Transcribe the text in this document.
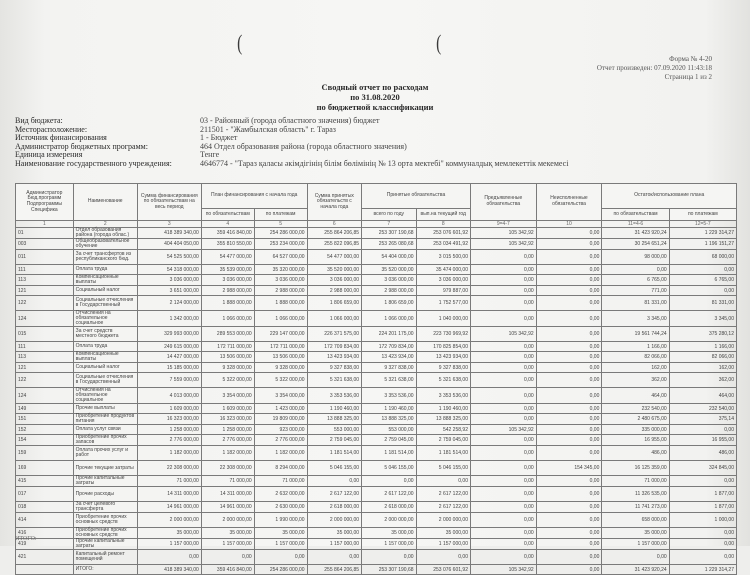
(	(
Форма № 4-20
Отчет произведен: 07.09.2020 11:43:18
Страница 1 из 2
Сводный отчет по расходам
по 31.08.2020
по бюджетной классификации
Вид бюджета:	03 - Районный (города областного значения) бюджет
Месторасположение:	211501 - "Жамбылская область" г. Тараз
Источник финансирования	1 - Бюджет
Администратор бюджетных программ:	464 Отдел образования района (города областного значения)
Единица измерения	Тенге
Наименование государственного учреждения:	4646774 - "Тараз қаласы әкімдігінің білім бөлімінің № 13 орта мектебі" коммуналдық мемлекеттік мекемесі
Администратор Бюд.программ Подпрограммы Специфика	Наименование	Сумма финансирования по обязательствам на весь период	План финансирования с начала года		Сумма принятых обязательств с начала года	Принятые обязательства		Предъявленные обязательства	Неисполненные обязательства	Остаток/использование плана	
			по обязательствам	по платежам		всего по году	вып.на текущий год			по обязательствам	по платежам
1	2	3	4	5	6	7	8	9=4-7	10	11=4-6	12=5-7
01	Отдел образования района (города облас.)	418 389 340,00	359 416 840,00	254 286 000,00	255 864 206,85	253 307 190,68	253 076 601,92	105 342,92	0,00	31 423 920,24	1 229 314,27
003	Общеобразовательное обучение	404 404 050,00	355 810 550,00	253 234 000,00	255 822 096,85	253 265 080,68	253 034 491,92	105 342,92	0,00	30 254 651,24	1 196 151,27
011	За счет трансфертов из республиканского бюд.	54 525 500,00	54 477 000,00	64 527 000,00	54 477 000,00	54 404 000,00	3 015 500,00	0,00	0,00	98 000,00	68 000,00
111	Оплата труда	54 318 000,00	35 539 000,00	35 320 000,00	35 520 000,00	35 520 000,00	35 474 000,00	0,00	0,00	0,00	0,00
113	Компенсационные выплаты	3 036 000,00	3 036 000,00	3 036 000,00	3 036 000,00	3 036 000,00	3 036 000,00	0,00	0,00	6 765,00	6 765,00
121	Социальный налог	3 651 000,00	2 988 000,00	2 988 000,00	2 988 000,00	2 988 000,00	979 887,00	0,00	0,00	771,00	0,00
122	Социальные отчисления в Государственный	2 124 000,00	1 888 000,00	1 888 000,00	1 806 659,00	1 806 659,00	1 752 577,00	0,00	0,00	81 331,00	81 331,00
124	Отчисления на обязательное социальное	1 342 000,00	1 066 000,00	1 066 000,00	1 066 000,00	1 066 000,00	1 040 000,00	0,00	0,00	3 345,00	3 345,00
015	За счет средств местного бюджета	329 993 000,00	289 553 000,00	229 147 000,00	226 371 575,00	224 201 175,00	223 730 969,92	105 342,92	0,00	19 561 744,24	375 280,12
111	Оплата труда	249 615 000,00	172 711 000,00	172 711 000,00	172 709 834,00	172 709 834,00	170 825 854,00	0,00	0,00	1 166,00	1 166,00
113	Компенсационные выплаты	14 427 000,00	13 506 000,00	13 506 000,00	13 423 934,00	13 423 934,00	13 423 934,00	0,00	0,00	82 066,00	82 066,00
121	Социальный налог	15 185 000,00	9 328 000,00	9 328 000,00	9 327 838,00	9 327 838,00	9 327 838,00	0,00	0,00	162,00	162,00
122	Социальные отчисления в Государственный	7 559 000,00	5 322 000,00	5 322 000,00	5 321 638,00	5 321 638,00	5 321 638,00	0,00	0,00	362,00	362,00
124	Отчисления на обязательное социальное	4 013 000,00	3 354 000,00	3 354 000,00	3 353 536,00	3 353 536,00	3 353 536,00	0,00	0,00	464,00	464,00
149	Прочие выплаты	1 609 000,00	1 609 000,00	1 423 000,00	1 190 460,00	1 190 460,00	1 190 460,00	0,00	0,00	232 540,00	232 540,00
151	Приобретение продуктов питания	16 323 000,00	16 323 000,00	19 809 000,00	13 888 325,00	13 888 325,00	13 888 325,00	0,00	0,00	2 480 675,00	375,14
152	Оплата услуг связи	1 258 000,00	1 258 000,00	923 000,00	553 000,00	553 000,00	542 258,92	105 342,92	0,00	335 000,00	0,00
154	Приобретение прочих запасов	2 776 000,00	2 776 000,00	2 776 000,00	2 759 045,00	2 759 045,00	2 759 045,00	0,00	0,00	16 955,00	16 955,00
159	Оплата прочих услуг и работ	1 182 000,00	1 182 000,00	1 182 000,00	1 181 514,00	1 181 514,00	1 181 514,00	0,00	0,00	486,00	486,00
169	Прочие текущие затраты	22 308 000,00	22 308 000,00	8 294 000,00	5 046 155,00	5 046 155,00	5 046 155,00	0,00	154 345,00	16 125 359,00	324 845,00
415	Прочие капитальные затраты	71 000,00	71 000,00	71 000,00	0,00	0,00	0,00	0,00	0,00	71 000,00	0,00
017	Прочие расходы	14 311 000,00	14 311 000,00	2 632 000,00	2 617 122,00	2 617 122,00	2 617 122,00	0,00	0,00	11 326 535,00	1 877,00
018	За счет целевого трансферта	14 961 000,00	14 961 000,00	2 630 000,00	2 618 000,00	2 618 000,00	2 617 122,00	0,00	0,00	11 741 273,00	1 877,00
414	Приобретение прочих основных средств	2 000 000,00	2 000 000,00	1 990 000,00	2 000 000,00	2 000 000,00	2 000 000,00	0,00	0,00	658 000,00	1 000,00
416	Приобретение прочих основных средств	35 000,00	35 000,00	35 000,00	35 000,00	35 000,00	35 000,00	0,00	0,00	35 000,00	0,00
419	Прочие капитальные затраты	1 157 000,00	1 157 000,00	1 157 000,00	1 157 000,00	1 157 000,00	1 157 000,00	0,00	0,00	1 157 000,00	0,00
421	Капитальный ремонт помещений	0,00	0,00	0,00	0,00	0,00	0,00	0,00	0,00	0,00	0,00
	ИТОГО:	418 389 340,00	359 416 840,00	254 286 000,00	255 864 206,85	253 307 190,68	253 076 601,92	105 342,92	0,00	31 423 920,24	1 229 314,27
ИТОГО:
